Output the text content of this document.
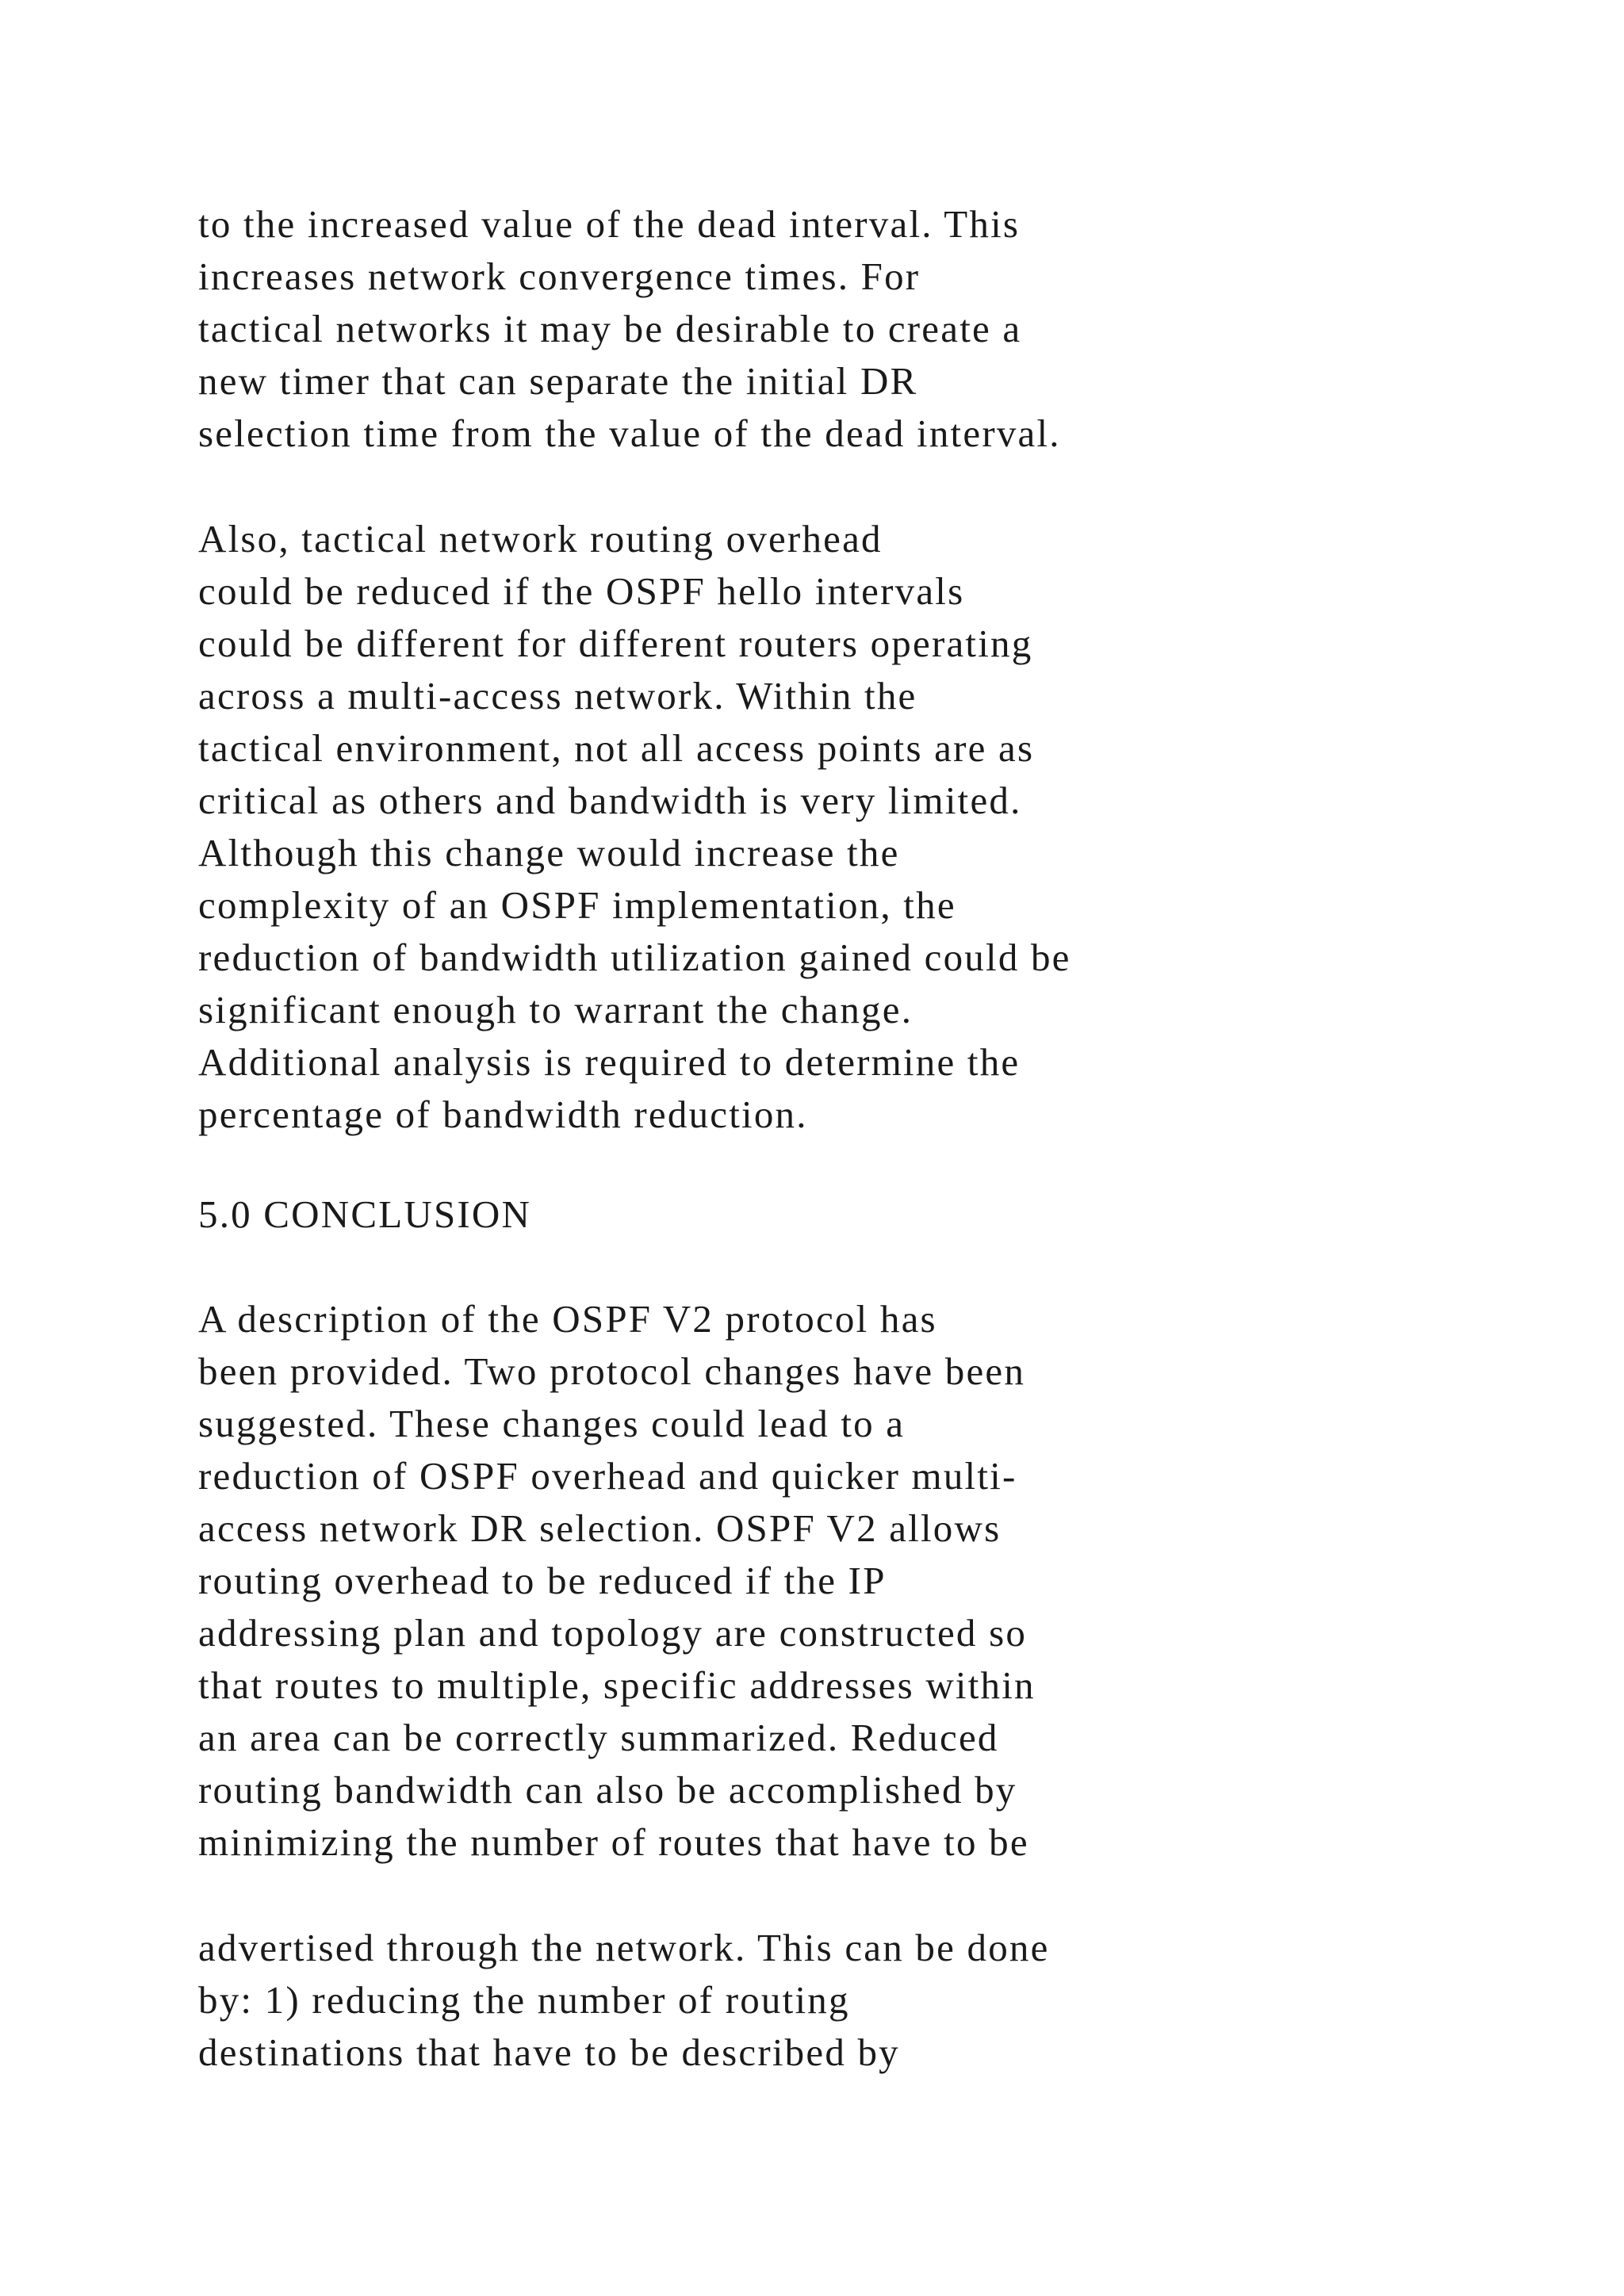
to the increased value of the dead interval. This
increases network convergence times. For
tactical networks it may be desirable to create a
new timer that can separate the initial DR
selection time from the value of the dead interval.
Also, tactical network routing overhead
could be reduced if the OSPF hello intervals
could be different for different routers operating
across a multi-access network. Within the
tactical environment, not all access points are as
critical as others and bandwidth is very limited.
Although this change would increase the
complexity of an OSPF implementation, the
reduction of bandwidth utilization gained could be
significant enough to warrant the change.
Additional analysis is required to determine the
percentage of bandwidth reduction.
5.0 CONCLUSION
A description of the OSPF V2 protocol has
been provided. Two protocol changes have been
suggested. These changes could lead to a
reduction of OSPF overhead and quicker multi-
access network DR selection. OSPF V2 allows
routing overhead to be reduced if the IP
addressing plan and topology are constructed so
that routes to multiple, specific addresses within
an area can be correctly summarized. Reduced
routing bandwidth can also be accomplished by
minimizing the number of routes that have to be
advertised through the network. This can be done
by: 1) reducing the number of routing
destinations that have to be described by
